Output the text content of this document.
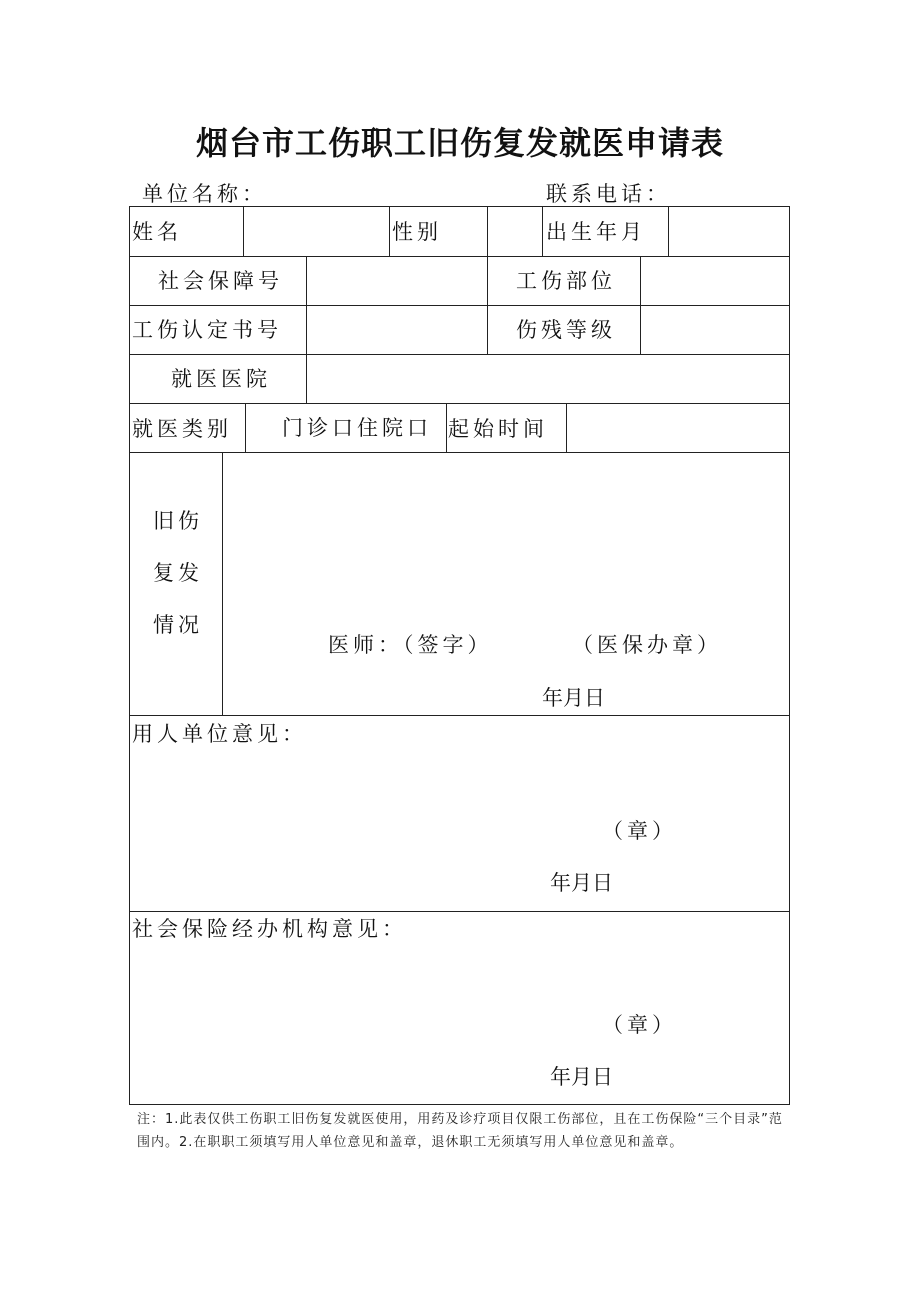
烟台市工伤职工旧伤复发就医申请表
单位名称：	联系电话：
姓名	性别	出生年月
社会保障号	工伤部位
工伤认定书号	伤残等级
就医医院
就医类别 门诊口住院口 起始时间
旧伤
复发
情况
医师：（签字）	（医保办章）
年月日
用人单位意见：
（章）
年月日
社会保险经办机构意见：
（章）
年月日
注：1.此表仅供工伤职工旧伤复发就医使用，用药及诊疗项目仅限工伤部位，且在工伤保险“三个目录”范围内。2.在职职工须填写用人单位意见和盖章，退休职工无须填写用人单位意见和盖章。
